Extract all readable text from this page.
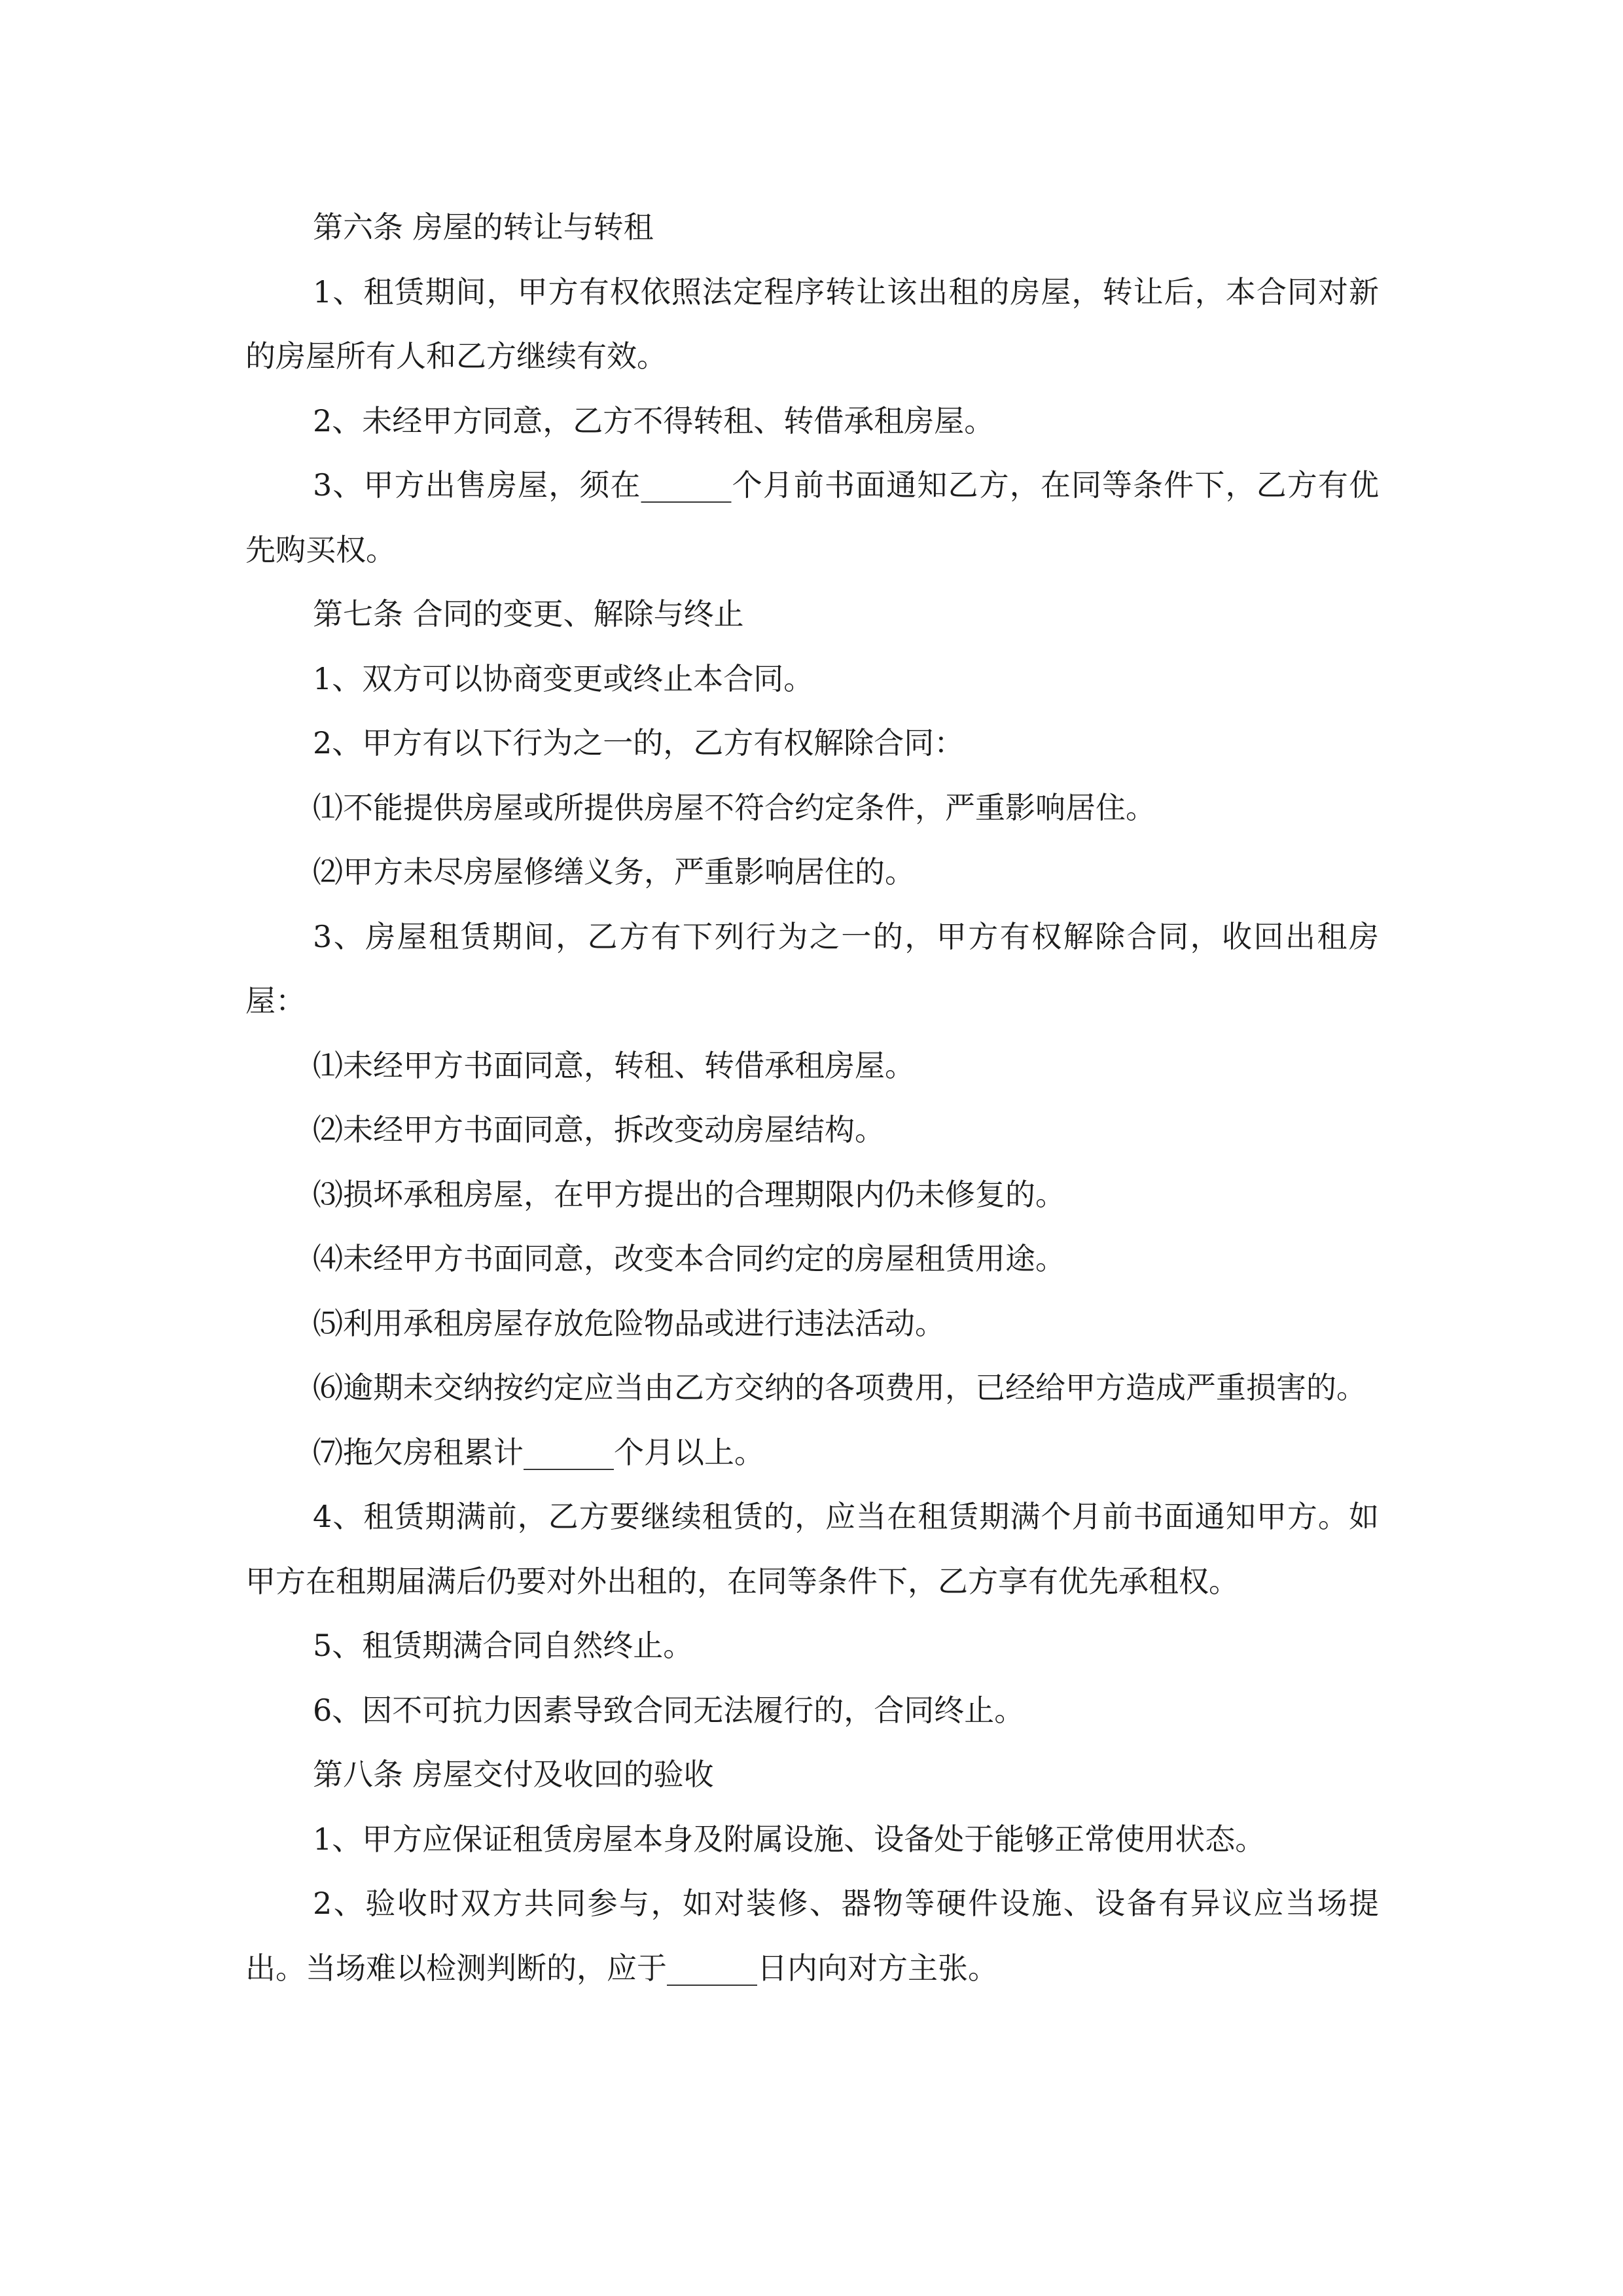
第六条 房屋的转让与转租

1、租赁期间，甲方有权依照法定程序转让该出租的房屋，转让后，本合同对新的房屋所有人和乙方继续有效。

2、未经甲方同意，乙方不得转租、转借承租房屋。

3、甲方出售房屋，须在______个月前书面通知乙方，在同等条件下，乙方有优先购买权。

第七条 合同的变更、解除与终止

1、双方可以协商变更或终止本合同。

2、甲方有以下行为之一的，乙方有权解除合同：

⑴不能提供房屋或所提供房屋不符合约定条件，严重影响居住。

⑵甲方未尽房屋修缮义务，严重影响居住的。

3、房屋租赁期间，乙方有下列行为之一的，甲方有权解除合同，收回出租房屋：

⑴未经甲方书面同意，转租、转借承租房屋。

⑵未经甲方书面同意，拆改变动房屋结构。

⑶损坏承租房屋，在甲方提出的合理期限内仍未修复的。

⑷未经甲方书面同意，改变本合同约定的房屋租赁用途。

⑸利用承租房屋存放危险物品或进行违法活动。

⑹逾期未交纳按约定应当由乙方交纳的各项费用，已经给甲方造成严重损害的。

⑺拖欠房租累计______个月以上。

4、租赁期满前，乙方要继续租赁的，应当在租赁期满个月前书面通知甲方。如甲方在租期届满后仍要对外出租的，在同等条件下，乙方享有优先承租权。

5、租赁期满合同自然终止。

6、因不可抗力因素导致合同无法履行的，合同终止。

第八条 房屋交付及收回的验收

1、甲方应保证租赁房屋本身及附属设施、设备处于能够正常使用状态。

2、验收时双方共同参与，如对装修、器物等硬件设施、设备有异议应当场提出。当场难以检测判断的，应于______日内向对方主张。
